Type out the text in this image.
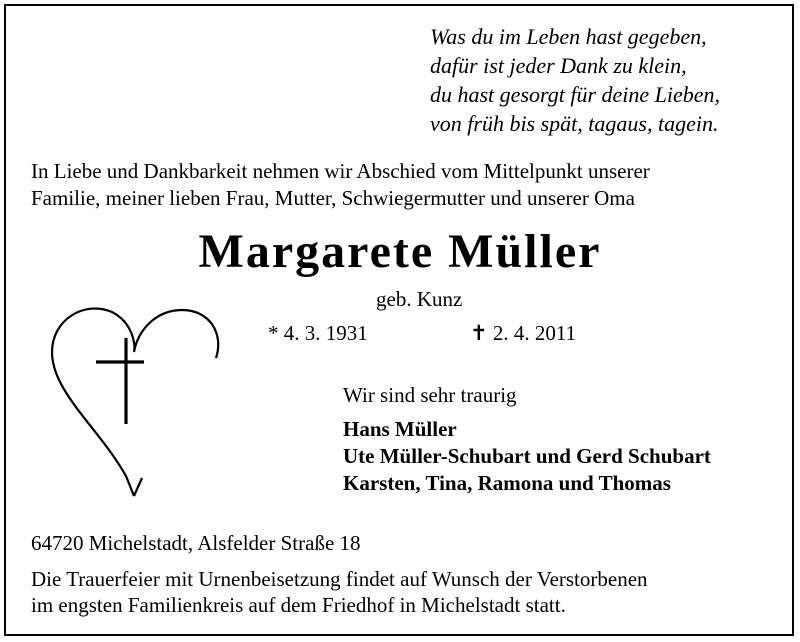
Was du im Leben hast gegeben,
dafür ist jeder Dank zu klein,
du hast gesorgt für deine Lieben,
von früh bis spät, tagaus, tagein.
In Liebe und Dankbarkeit nehmen wir Abschied vom Mittelpunkt unserer
Familie, meiner lieben Frau, Mutter, Schwiegermutter und unserer Oma
Margarete Müller
geb. Kunz
* 4. 3. 1931	✝ 2. 4. 2011
Wir sind sehr traurig
Hans Müller
Ute Müller-Schubart und Gerd Schubart
Karsten, Tina, Ramona und Thomas
64720 Michelstadt, Alsfelder Straße 18
Die Trauerfeier mit Urnenbeisetzung findet auf Wunsch der Verstorbenen
im engsten Familienkreis auf dem Friedhof in Michelstadt statt.
